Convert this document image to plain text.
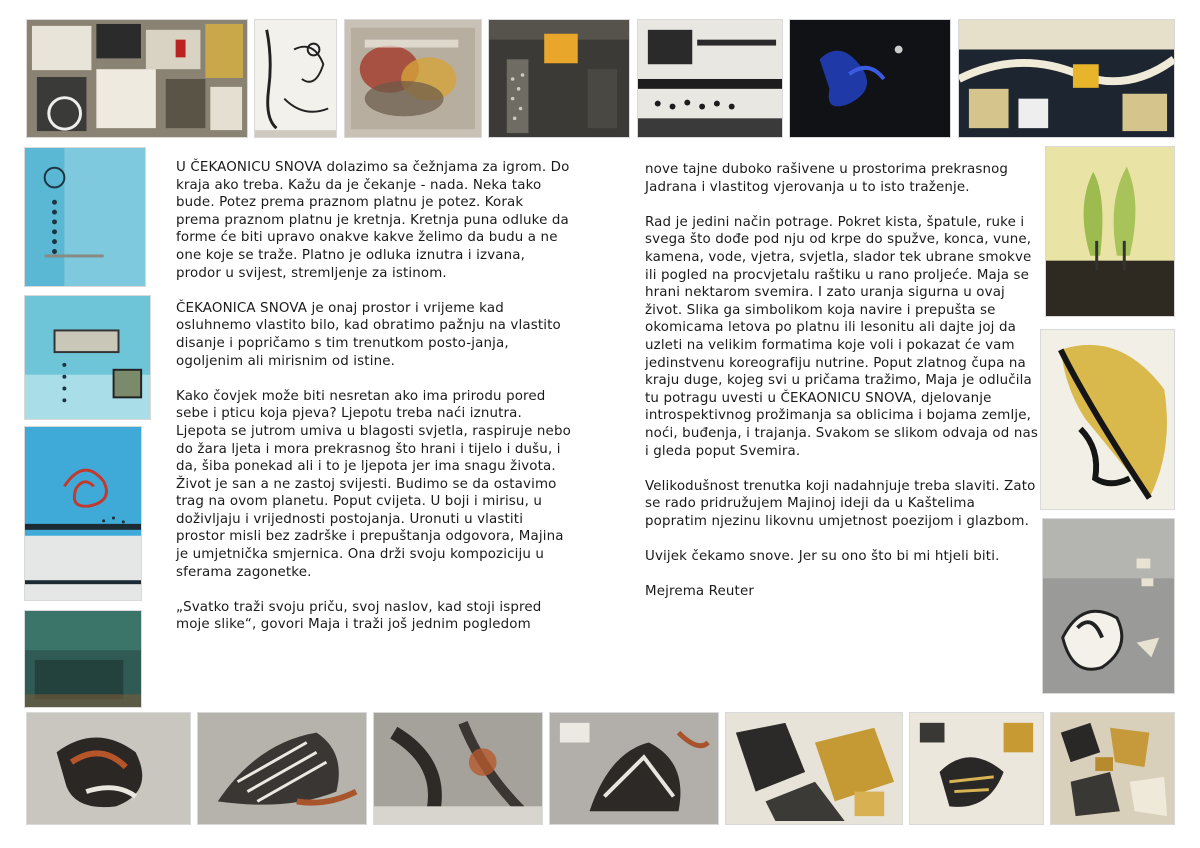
U ČEKAONICU SNOVA dolazimo sa čežnjama za igrom. Do kraja ako treba. Kažu da je čekanje - nada. Neka tako bude. Potez prema praznom platnu je potez. Korak prema praznom platnu je kretnja. Kretnja puna odluke da forme će biti upravo onakve kakve želimo da budu a ne one koje se traže. Platno je odluka iznutra i izvana, prodor u svijest, stremljenje za istinom.

ČEKAONICA SNOVA je onaj prostor i vrijeme kad osluhnemo vlastito bilo, kad obratimo pažnju na vlastito disanje i popričamo s tim trenutkom posto-janja, ogoljenim ali mirisnim od istine.

Kako čovjek može biti nesretan ako ima prirodu pored sebe i pticu koja pjeva? Ljepotu treba naći iznutra. Ljepota se jutrom umiva u blagosti svjetla, raspiruje nebo do žara ljeta i mora prekrasnog što hrani i tijelo i dušu, i da, šiba ponekad ali i to je ljepota jer ima snagu života. Život je san a ne zastoj svijesti. Budimo se da ostavimo trag na ovom planetu. Poput cvijeta. U boji i mirisu, u doživljaju i vrijednosti postojanja. Uronuti u vlastiti prostor misli bez zadrške i prepuštanja odgovora, Majina je umjetnička smjernica. Ona drži svoju kompoziciju u sferama zagonetke.

„Svatko traži svoju priču, svoj naslov, kad stoji ispred moje slike“, govori Maja i traži još jednim pogledom

nove tajne duboko rašivene u prostorima prekrasnog Jadrana i vlastitog vjerovanja u to isto traženje.

Rad je jedini način potrage. Pokret kista, špatule, ruke i svega što dođe pod nju od krpe do spužve, konca, vune, kamena, vode, vjetra, svjetla, slador tek ubrane smokve ili pogled na procvjetalu raštiku u rano proljeće. Maja se hrani nektarom svemira. I zato uranja sigurna u ovaj život. Slika ga simbolikom koja navire i prepušta se okomicama letova po platnu ili lesonitu ali dajte joj da uzleti na velikim formatima koje voli i pokazat će vam jedinstvenu koreografiju nutrine. Poput zlatnog čupa na kraju duge, kojeg svi u pričama tražimo, Maja je odlučila tu potragu uvesti u ČEKAONICU SNOVA, djelovanje introspektivnog prožimanja sa oblicima i bojama zemlje, noći, buđenja, i trajanja. Svakom se slikom odvaja od nas i gleda poput Svemira.

Velikodušnost trenutka koji nadahnjuje treba slaviti. Zato se rado pridružujem Majinoj ideji da u Kaštelima popratim njezinu likovnu umjetnost poezijom i glazbom.

Uvijek čekamo snove. Jer su ono što bi mi htjeli biti.

Mejrema Reuter
